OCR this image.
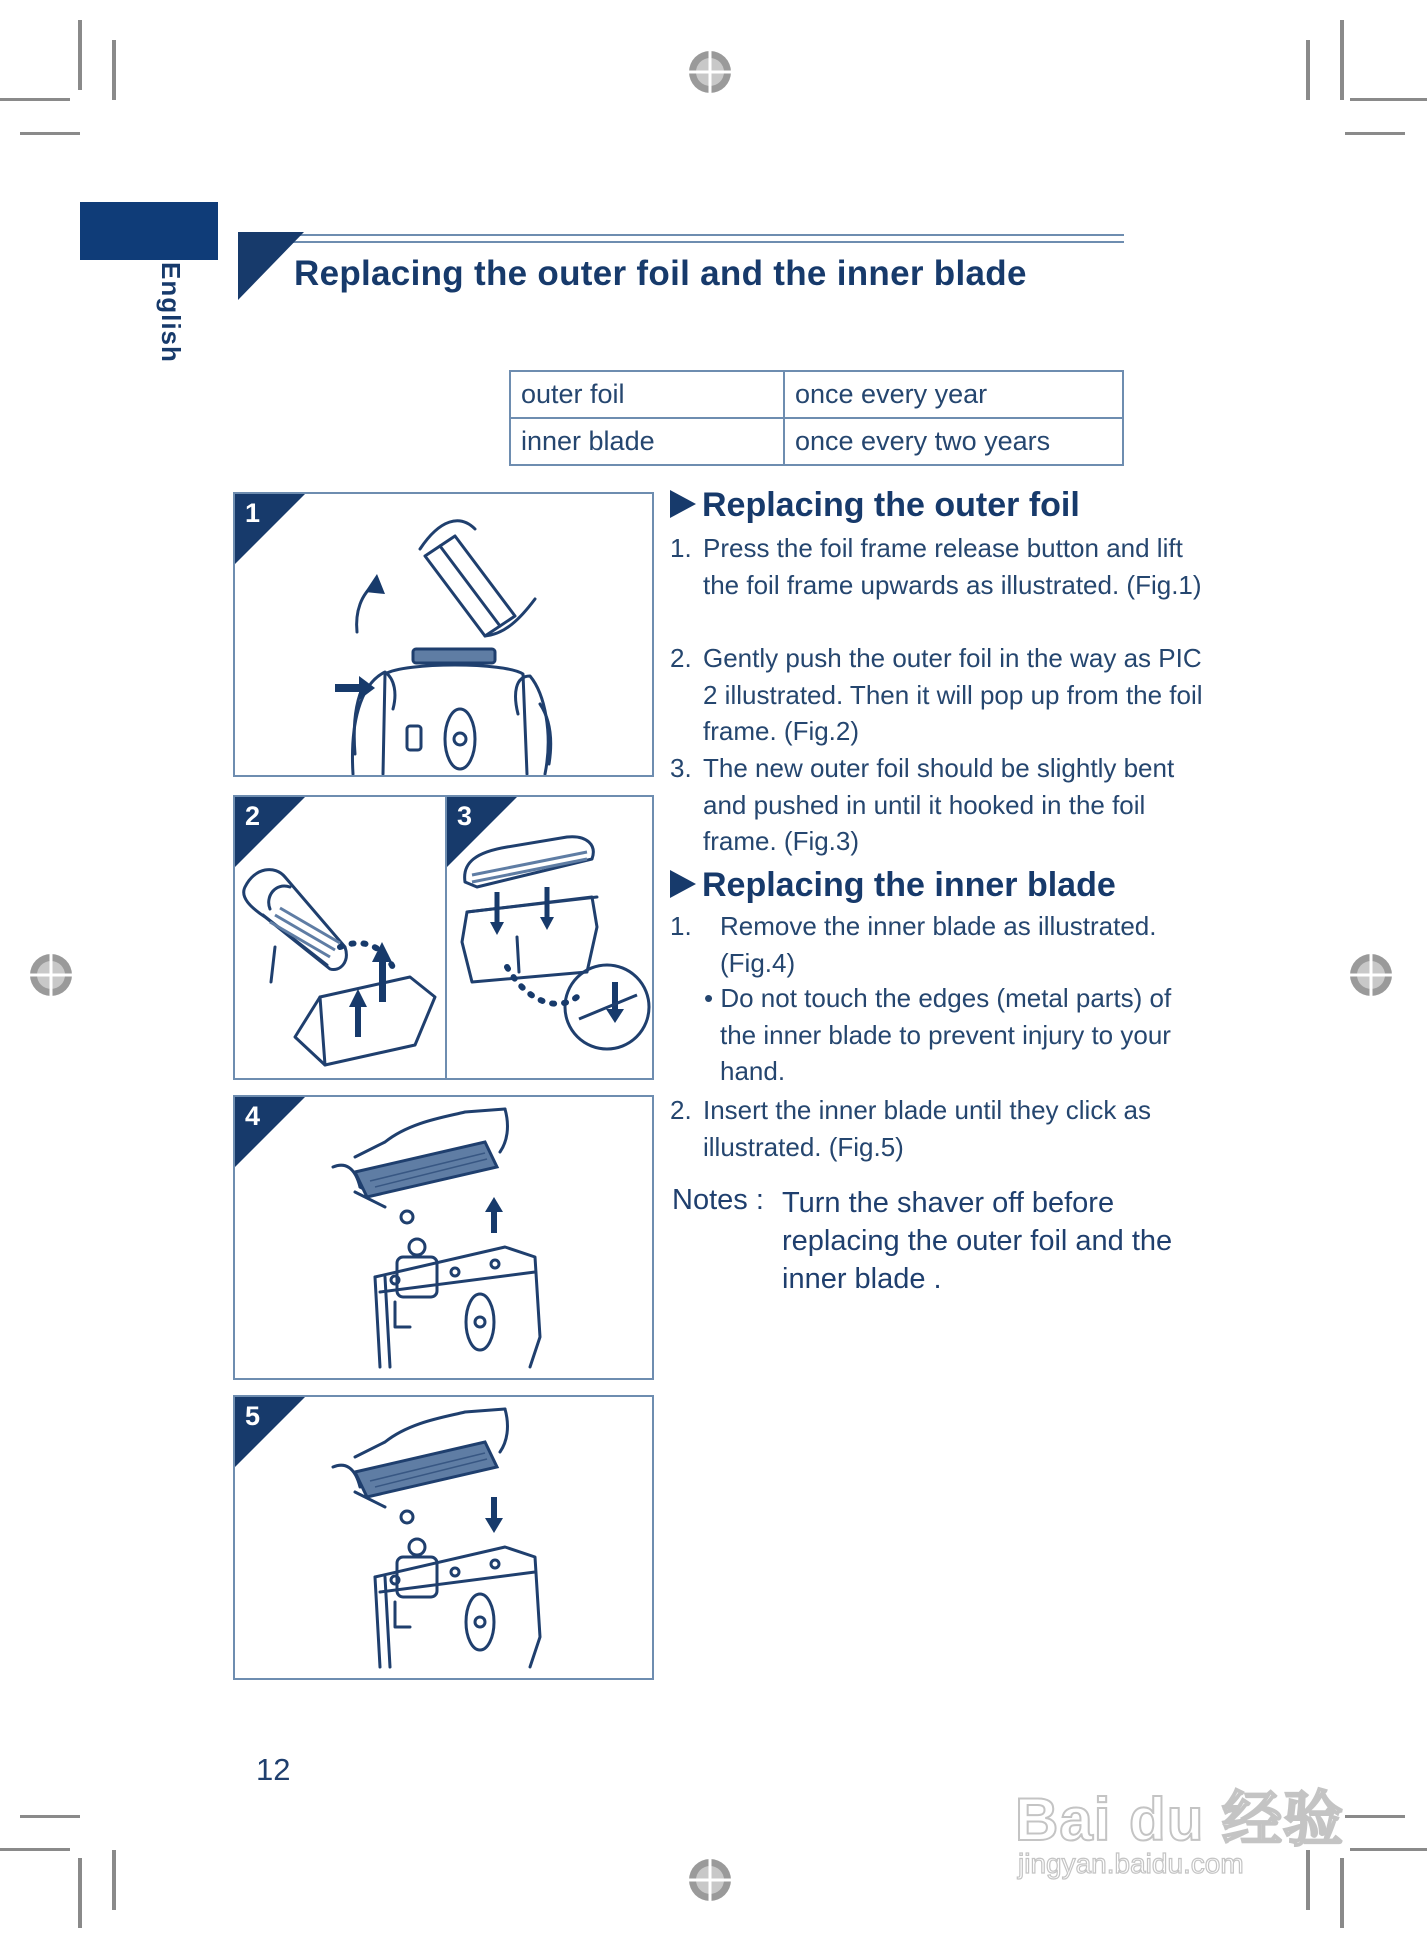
English	Replacing the outer foil and the inner blade
outer foil	once every year
inner blade	once every two years
1
2	3
4
5
Replacing the outer foil
1. Press the foil frame release button and lift the foil frame upwards as illustrated. (Fig.1)
2. Gently push the outer foil in the way as PIC 2 illustrated. Then it will pop up from the foil frame. (Fig.2)
3. The new outer foil should be slightly bent and pushed in until it hooked in the foil frame. (Fig.3)
Replacing the inner blade
1. Remove the inner blade as illustrated. (Fig.4)
• Do not touch the edges (metal parts) of the inner blade to prevent injury to your hand.
2. Insert the inner blade until they click as illustrated. (Fig.5)
Notes : Turn the shaver off before replacing the outer foil and the inner blade .
12
Bai du 经验
jingyan.baidu.com
